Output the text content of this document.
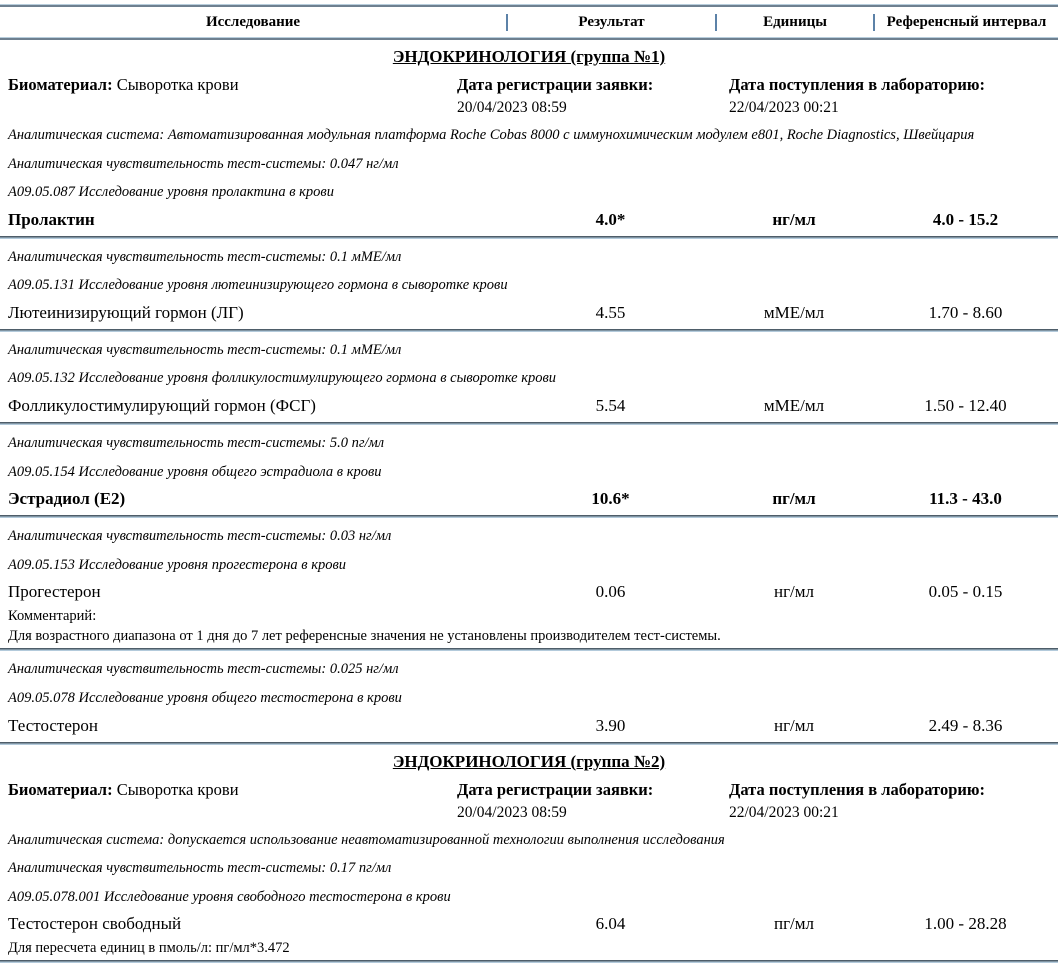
Исследование	Результат	Единицы	Референсный интервал
ЭНДОКРИНОЛОГИЯ (группа №1)
Биоматериал: Сыворотка крови	Дата регистрации заявки:
20/04/2023 08:59
Дата поступления в лабораторию:
22/04/2023 00:21
Аналитическая система: Автоматизированная модульная платформа Roche Cobas 8000 с иммунохимическим модулем e801, Roche Diagnostics, Швейцария
Аналитическая чувствительность тест-системы: 0.047 нг/мл
А09.05.087 Исследование уровня пролактина в крови
Пролактин	4.0*	нг/мл	4.0 - 15.2
Аналитическая чувствительность тест-системы: 0.1 мМЕ/мл
А09.05.131 Исследование уровня лютеинизирующего гормона в сыворотке крови
Лютеинизирующий гормон (ЛГ)	4.55	мМЕ/мл	1.70 - 8.60
Аналитическая чувствительность тест-системы: 0.1 мМЕ/мл
А09.05.132 Исследование уровня фолликулостимулирующего гормона в сыворотке крови
Фолликулостимулирующий гормон (ФСГ)	5.54	мМЕ/мл	1.50 - 12.40
Аналитическая чувствительность тест-системы: 5.0 пг/мл
А09.05.154 Исследование уровня общего эстрадиола в крови
Эстрадиол (Е2)	10.6*	пг/мл	11.3 - 43.0
Аналитическая чувствительность тест-системы: 0.03 нг/мл
А09.05.153 Исследование уровня прогестерона в крови
Прогестерон	0.06	нг/мл	0.05 - 0.15
Комментарий:
Для возрастного диапазона от 1 дня до 7 лет референсные значения не установлены производителем тест-системы.
Аналитическая чувствительность тест-системы: 0.025 нг/мл
А09.05.078 Исследование уровня общего тестостерона в крови
Тестостерон	3.90	нг/мл	2.49 - 8.36
ЭНДОКРИНОЛОГИЯ (группа №2)
Биоматериал: Сыворотка крови	Дата регистрации заявки:
20/04/2023 08:59
Дата поступления в лабораторию:
22/04/2023 00:21
Аналитическая система: допускается использование неавтоматизированной технологии выполнения исследования
Аналитическая чувствительность тест-системы: 0.17 пг/мл
А09.05.078.001 Исследование уровня свободного тестостерона в крови
Тестостерон свободный	6.04	пг/мл	1.00 - 28.28
Для пересчета единиц в пмоль/л: пг/мл*3.472
